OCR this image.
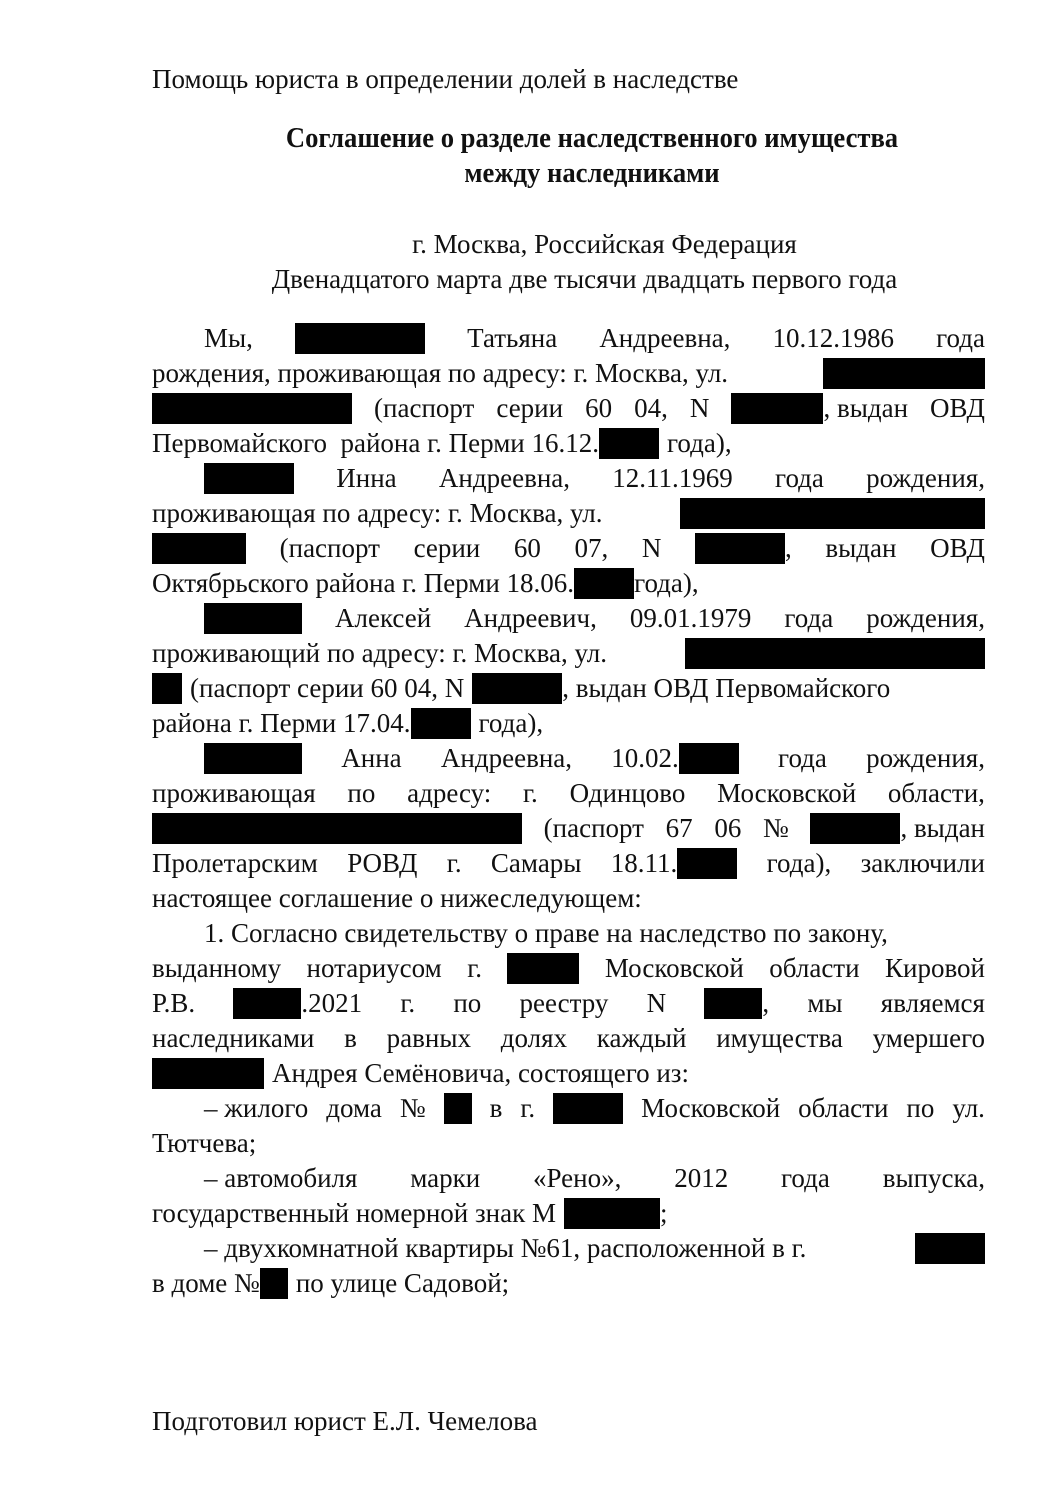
Помощь юриста в определении долей в наследстве
Соглашение о разделе наследственного имущества
между наследниками
г. Москва, Российская Федерация
Двенадцатого марта две тысячи двадцать первого года
Мы,	Татьяна Андреевна, 10.12.1986 года
рождения, проживающая по адресу: г. Москва, ул.
(паспорт серии 60 04, N	, выдан ОВД
Первомайского  района г. Перми 16.12.	года),
Инна Андреевна, 12.11.1969 года рождения,
проживающая по адресу: г. Москва, ул.
(паспорт серии 60 07, N	, выдан ОВД
Октябрьского района г. Перми 18.06. года),
Алексей Андреевич, 09.01.1979 года рождения,
проживающий по адресу: г. Москва, ул.
(паспорт серии 60 04, N	, выдан ОВД Первомайского
района г. Перми 17.04.	года),
Анна Андреевна, 10.02.	года рождения,
проживающая по адресу: г. Одинцово Московской области,
(паспорт 67 06 №	, выдан
Пролетарским РОВД г. Самары 18.11.	года), заключили
настоящее соглашение о нижеследующем:
1. Согласно свидетельству о праве на наследство по закону,
выданному нотариусом г.	Московской области Кировой
Р.В.	.2021 г. по реестру N	, мы являемся
наследниками в равных долях каждый имущества умершего
Андрея Семёновича, состоящего из:
– жилого дома № в г.	Московской области по ул.
Тютчева;
– автомобиля марки «Рено», 2012 года выпуска,
государственный номерной знак М	;
– двухкомнатной квартиры №61, расположенной в г.
в доме № по улице Садовой;
Подготовил юрист Е.Л. Чемелова
